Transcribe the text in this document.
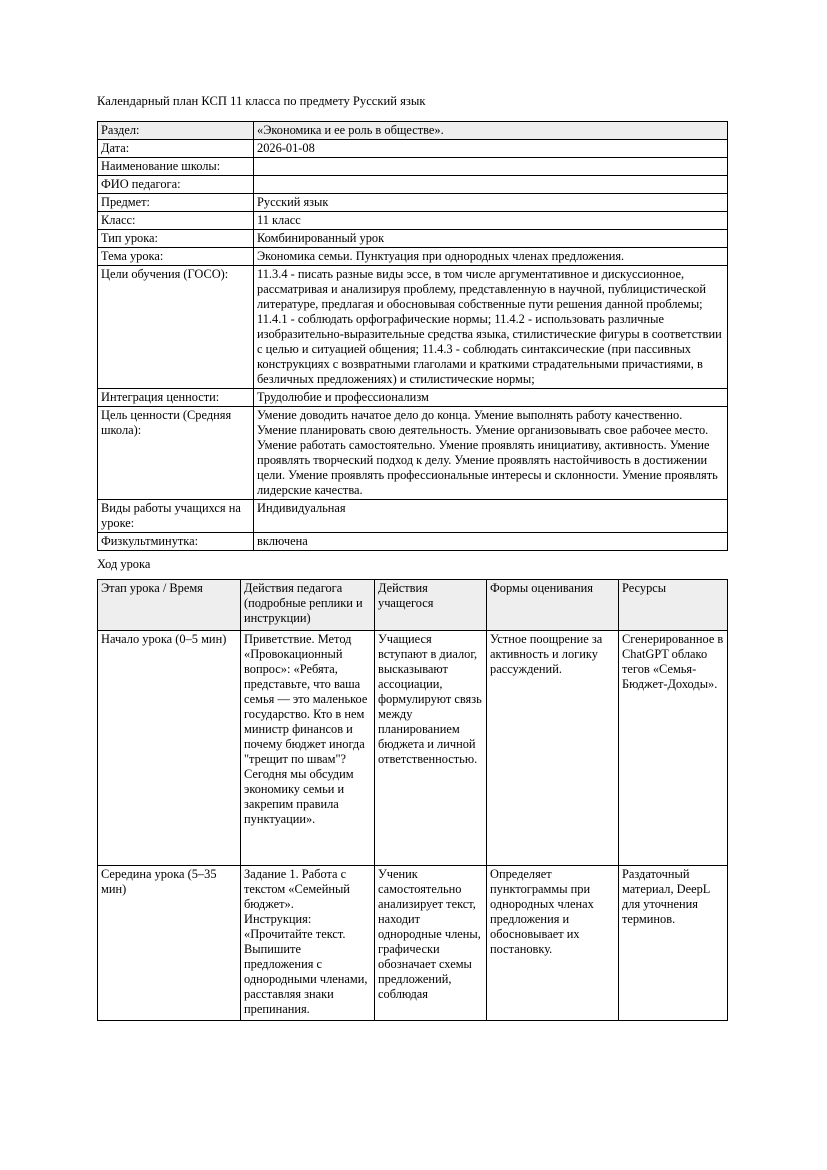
Календарный план КСП 11 класса по предмету Русский язык

Раздел:	«Экономика и ее роль в обществе».
Дата:	2026-01-08
Наименование школы:	
ФИО педагога:	
Предмет:	Русский язык
Класс:	11 класс
Тип урока:	Комбинированный урок
Тема урока:	Экономика семьи. Пунктуация при однородных членах предложения.
Цели обучения (ГОСО):	11.3.4 - писать разные виды эссе, в том числе аргументативное и дискуссионное, рассматривая и анализируя проблему, представленную в научной, публицистической литературе, предлагая и обосновывая собственные пути решения данной проблемы; 11.4.1 - соблюдать орфографические нормы; 11.4.2 - использовать различные изобразительно-выразительные средства языка, стилистические фигуры в соответствии с целью и ситуацией общения; 11.4.3 - соблюдать синтаксические (при пассивных конструкциях с возвратными глаголами и краткими страдательными причастиями, в безличных предложениях) и стилистические нормы;
Интеграция ценности:	Трудолюбие и профессионализм
Цель ценности (Средняя школа):	Умение доводить начатое дело до конца. Умение выполнять работу качественно. Умение планировать свою деятельность. Умение организовывать свое рабочее место. Умение работать самостоятельно. Умение проявлять инициативу, активность. Умение проявлять творческий подход к делу. Умение проявлять настойчивость в достижении цели. Умение проявлять профессиональные интересы и склонности. Умение проявлять лидерские качества.
Виды работы учащихся на уроке:	Индивидуальная
Физкультминутка:	включена

Ход урока

Этап урока / Время	Действия педагога (подробные реплики и инструкции)	Действия учащегося	Формы оценивания	Ресурсы
Начало урока (0–5 мин)	Приветствие. Метод «Провокационный вопрос»: «Ребята, представьте, что ваша семья — это маленькое государство. Кто в нем министр финансов и почему бюджет иногда "трещит по швам"? Сегодня мы обсудим экономику семьи и закрепим правила пунктуации».	Учащиеся вступают в диалог, высказывают ассоциации, формулируют связь между планированием бюджета и личной ответственностью.	Устное поощрение за активность и логику рассуждений.	Сгенерированное в ChatGPT облако тегов «Семья-Бюджет-Доходы».
Середина урока (5–35 мин)	Задание 1. Работа с текстом «Семейный бюджет».
Инструкция: «Прочитайте текст. Выпишите предложения с однородными членами, расставляя знаки препинания.	Ученик самостоятельно анализирует текст, находит однородные члены, графически обозначает схемы предложений, соблюдая	Определяет пунктограммы при однородных членах предложения и обосновывает их постановку.	Раздаточный материал, DeepL для уточнения терминов.
